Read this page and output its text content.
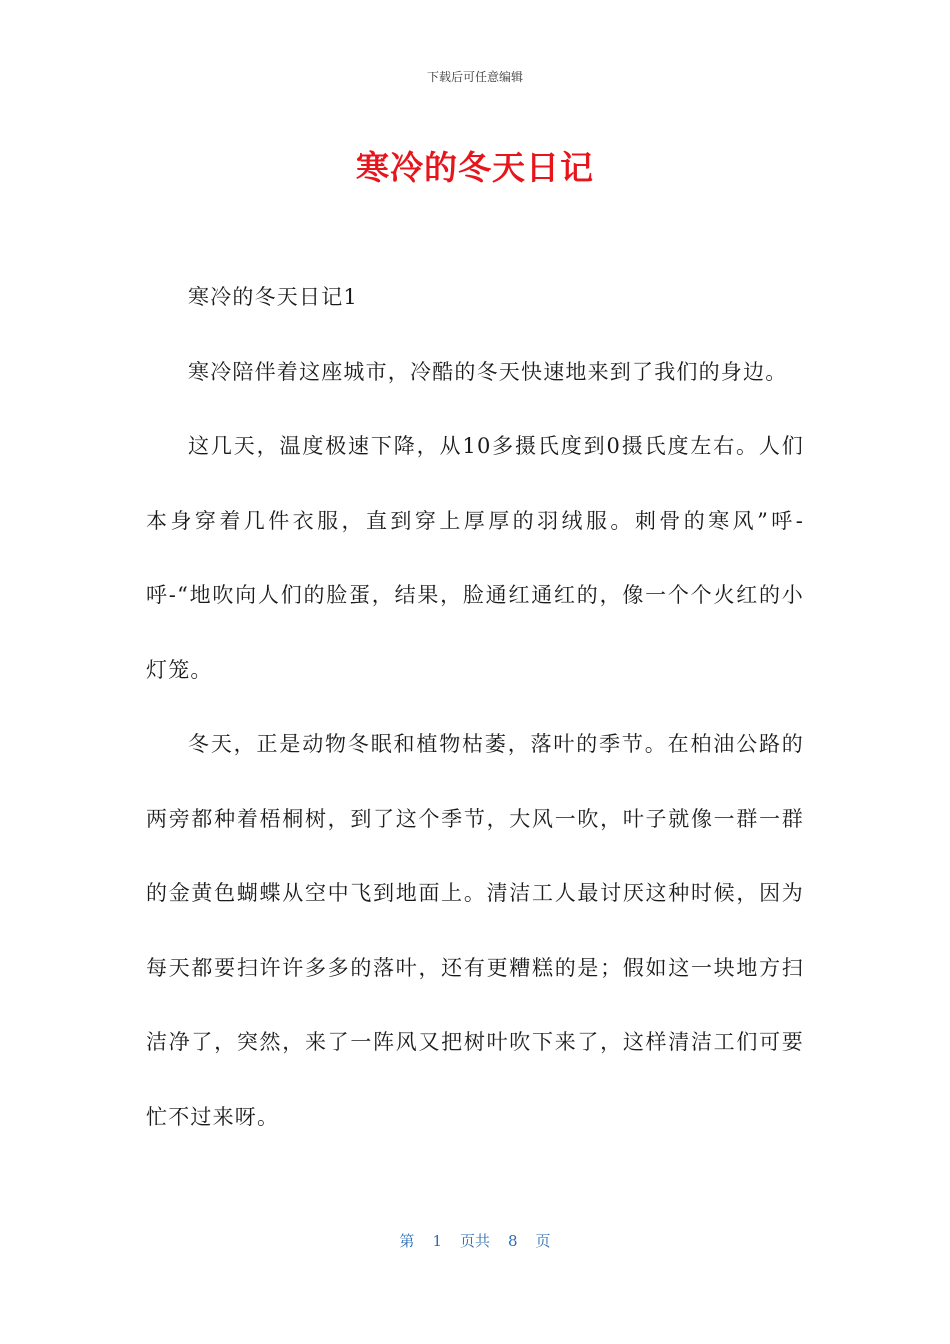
下载后可任意编辑
寒冷的冬天日记

寒冷的冬天日记1

寒冷陪伴着这座城市，冷酷的冬天快速地来到了我们的身边。

这几天，温度极速下降，从10多摄氏度到0摄氏度左右。人们本身穿着几件衣服，直到穿上厚厚的羽绒服。刺骨的寒风”呼-呼-“地吹向人们的脸蛋，结果，脸通红通红的，像一个个火红的小灯笼。

冬天，正是动物冬眠和植物枯萎，落叶的季节。在柏油公路的两旁都种着梧桐树，到了这个季节，大风一吹，叶子就像一群一群的金黄色蝴蝶从空中飞到地面上。清洁工人最讨厌这种时候，因为每天都要扫许许多多的落叶，还有更糟糕的是；假如这一块地方扫洁净了，突然，来了一阵风又把树叶吹下来了，这样清洁工们可要忙不过来呀。

第 1 页共 8 页
